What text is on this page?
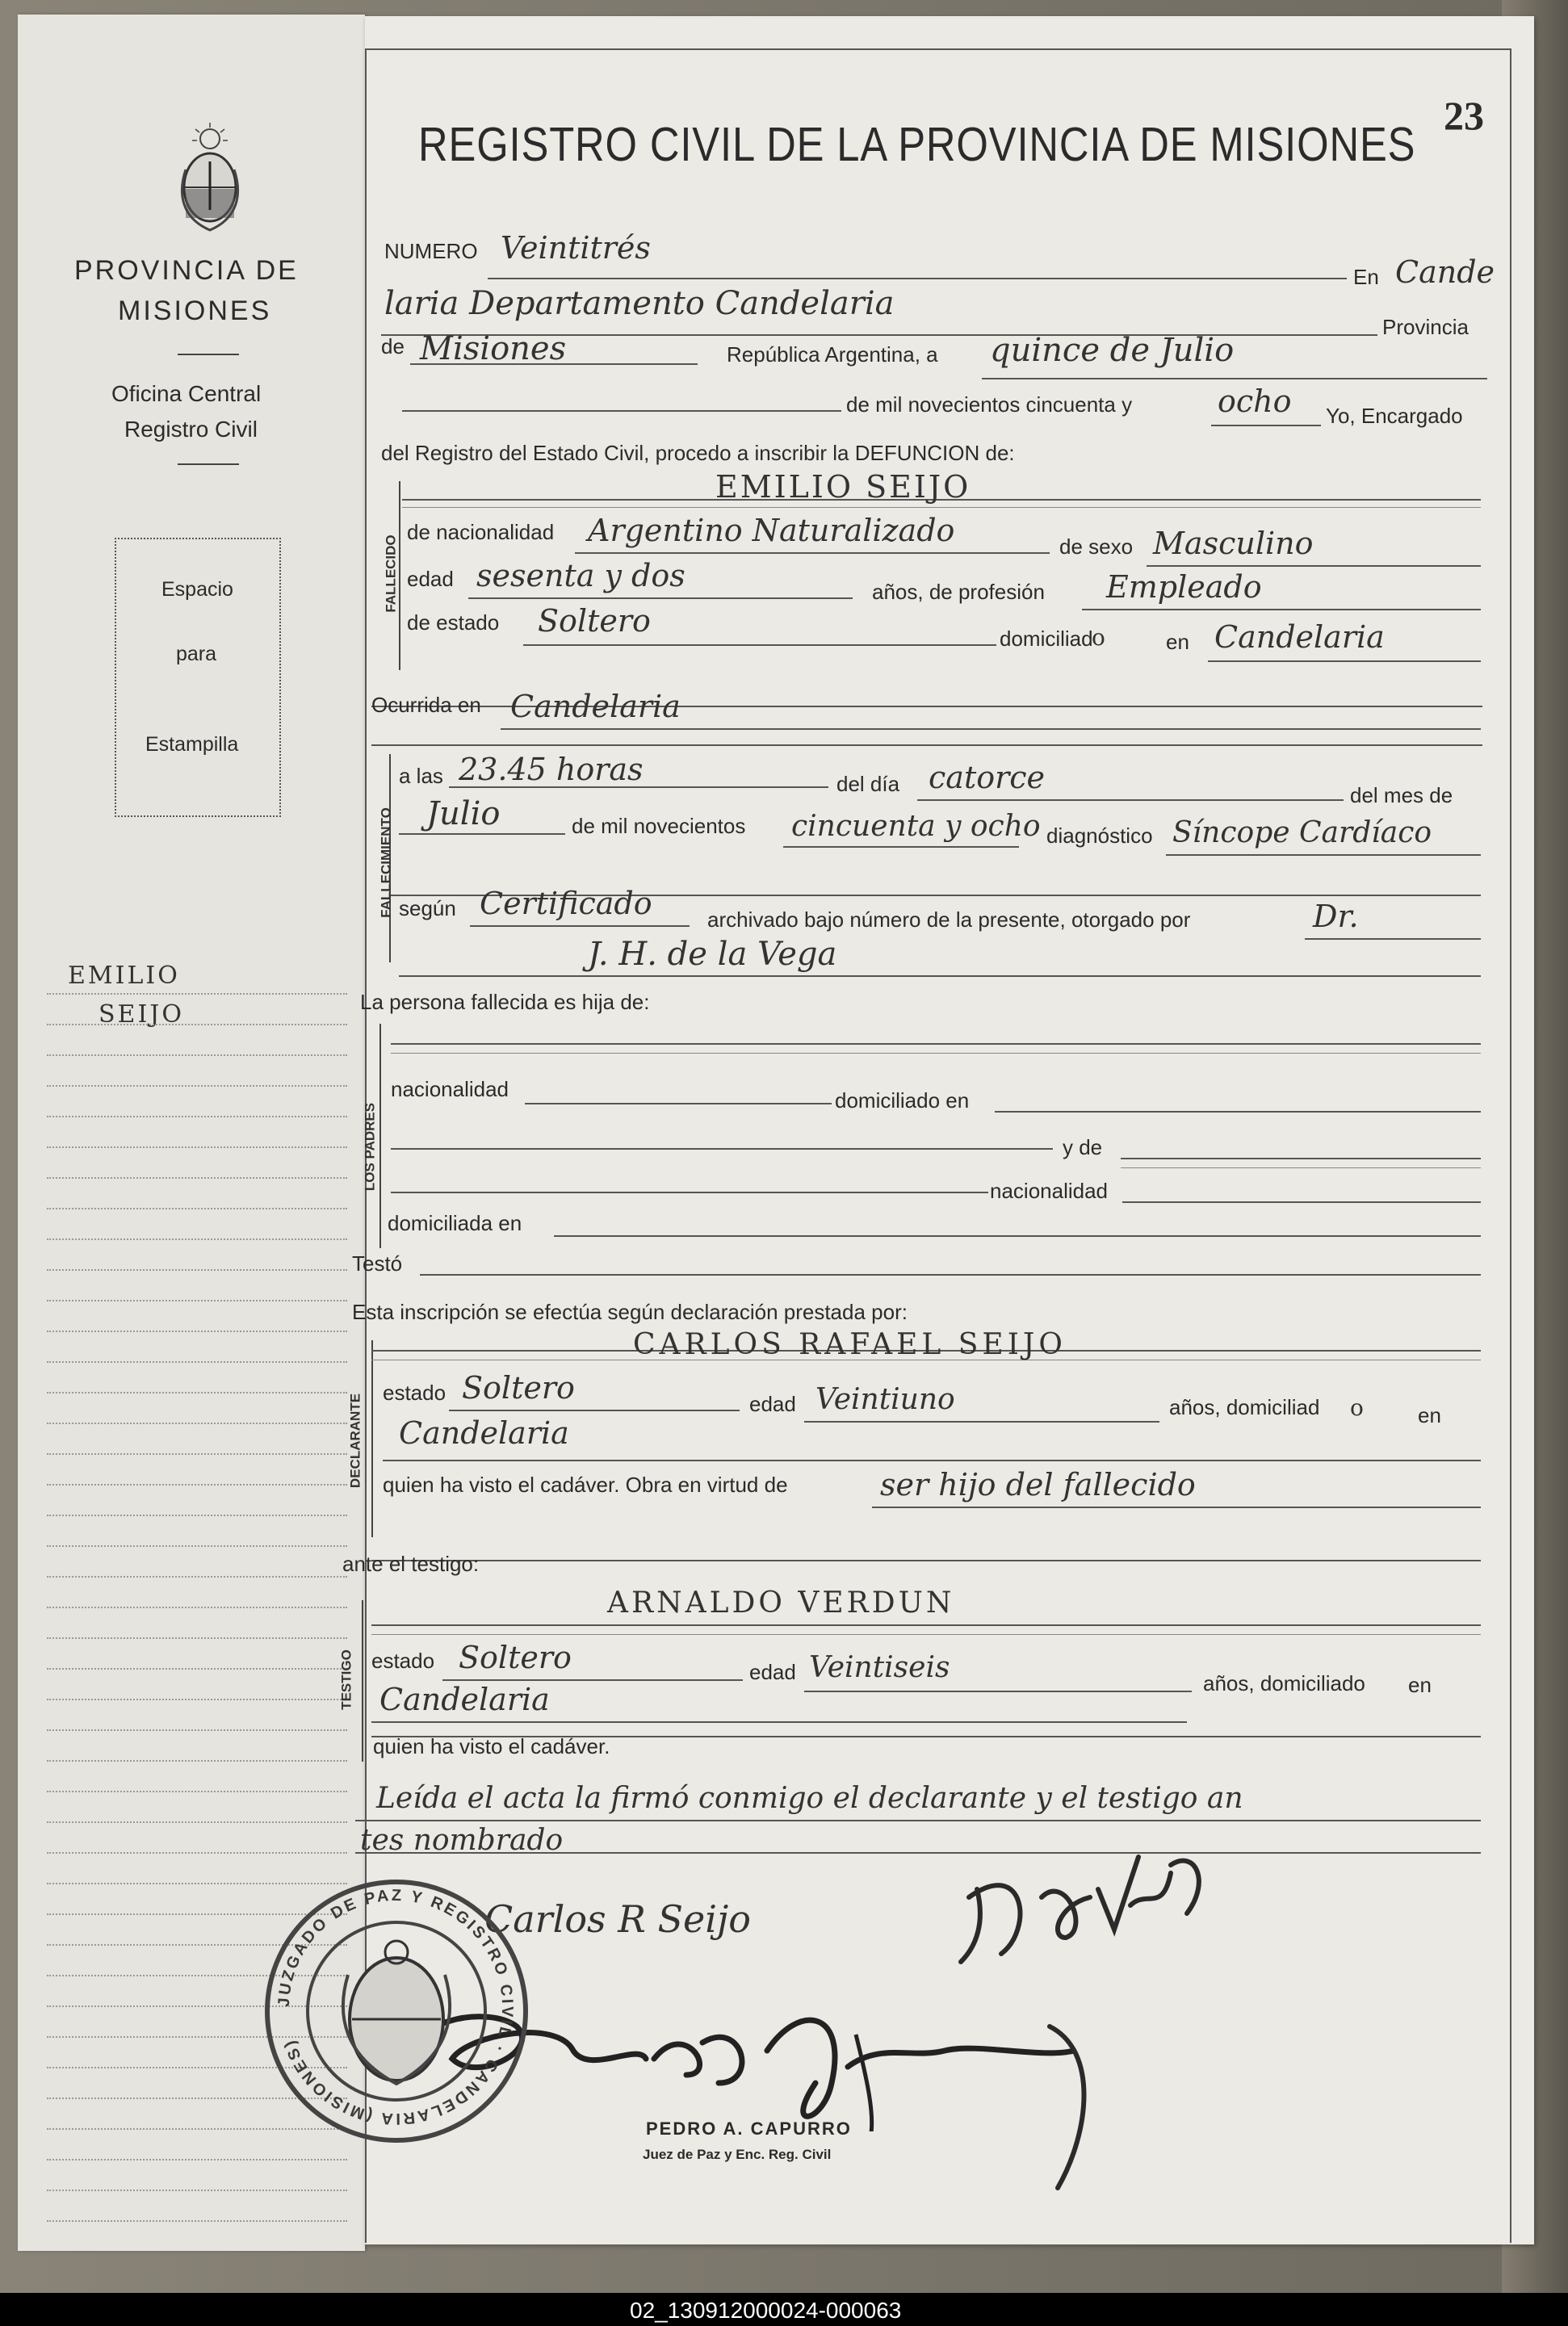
PROVINCIA DE
MISIONES
Oficina Central
Registro Civil
Espacio
para
Estampilla
EMILIO
SEIJO
23
REGISTRO CIVIL DE LA PROVINCIA DE MISIONES
NUMERO Veintitrés
En Cande
laria Departamento Candelaria
Provincia
de Misiones	República Argentina, a quince de Julio
de mil novecientos cincuenta y	ocho Yo, Encargado
del Registro del Estado Civil, procedo a inscribir la DEFUNCION de:
FALLECIDO
EMILIO SEIJO
de nacionalidad Argentino Naturalizado	de sexo Masculino
edad sesenta y dos	años, de profesión Empleado
de estado Soltero	domiciliad
o	en Candelaria
Ocurrida en Candelaria
FALLECIMIENTO
a las 23.45 horas	del día catorce	del mes de
Julio	de mil novecientos cincuenta y ocho diagnóstico Síncope Cardíaco
según Certificado	archivado bajo número de la presente, otorgado por	Dr.
J. H. de la Vega
La persona fallecida es hija de:
LOS PADRES
nacionalidad	domiciliado en
y de
nacionalidad
domiciliada en
Testó
Esta inscripción se efectúa según declaración prestada por:
DECLARANTE
CARLOS RAFAEL SEIJO
estado Soltero	edad Veintiuno	años, domiciliad o	en
Candelaria
quien ha visto el cadáver. Obra en virtud de	ser hijo del fallecido
ante el testigo:
TESTIGO
ARNALDO VERDUN
estado Soltero	edad Veintiseis
Candelaria	años, domiciliado en
quien ha visto el cadáver.
Leída el acta la firmó conmigo el declarante y el testigo an
tes nombrado
Carlos R Seijo
JUZGADO DE PAZ Y REGISTRO CIVIL · CANDELARIA (MISIONES)
PEDRO A. CAPURRO
Juez de Paz y Enc. Reg. Civil
02_130912000024-000063
